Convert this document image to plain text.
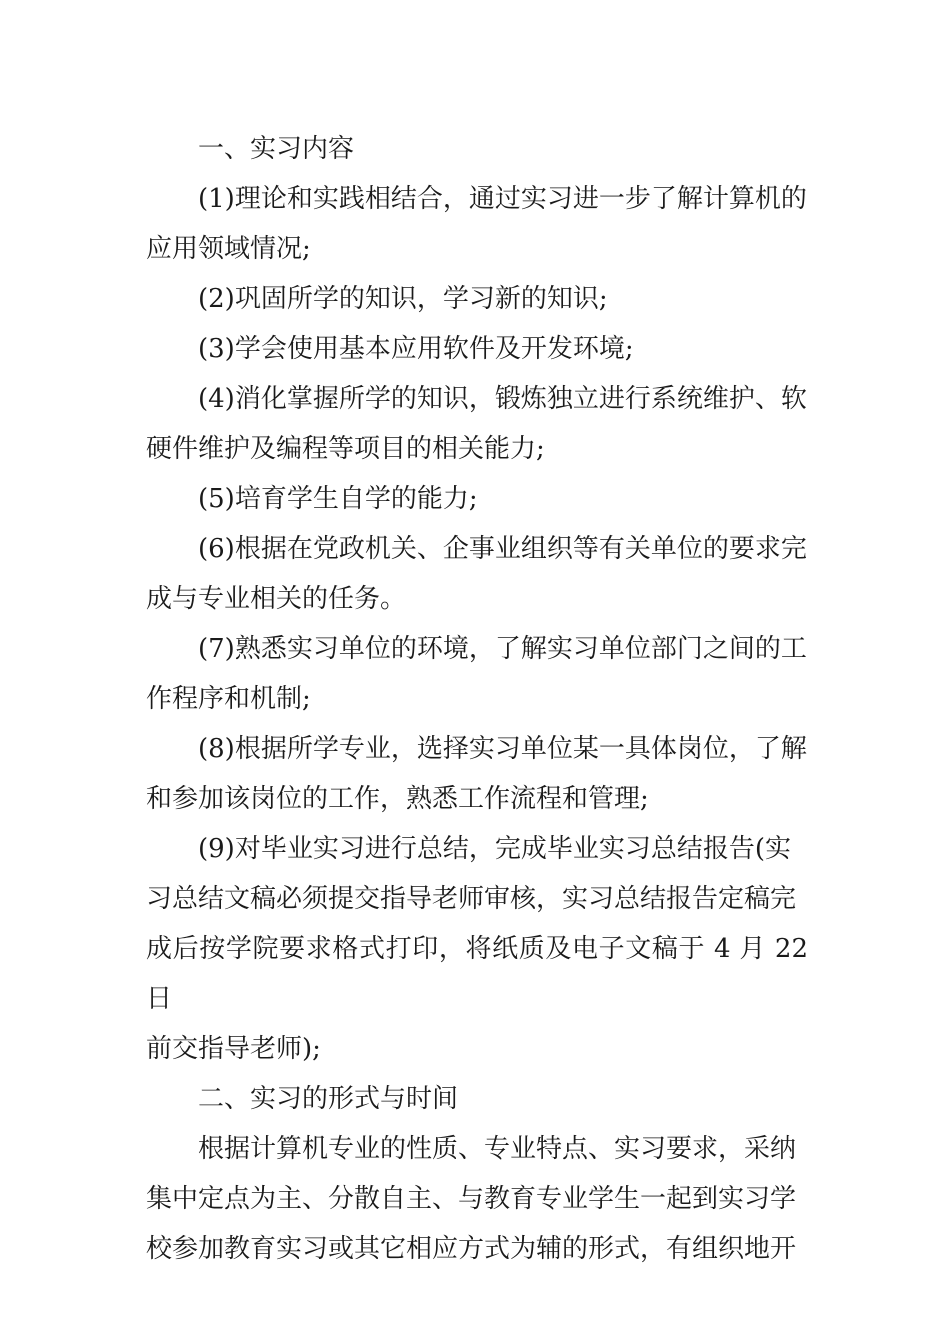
一、实习内容

(1)理论和实践相结合，通过实习进一步了解计算机的
应用领域情况;

(2)巩固所学的知识，学习新的知识;

(3)学会使用基本应用软件及开发环境;

(4)消化掌握所学的知识，锻炼独立进行系统维护、软
硬件维护及编程等项目的相关能力;

(5)培育学生自学的能力;

(6)根据在党政机关、企事业组织等有关单位的要求完
成与专业相关的任务。

(7)熟悉实习单位的环境，了解实习单位部门之间的工
作程序和机制;

(8)根据所学专业，选择实习单位某一具体岗位，了解
和参加该岗位的工作，熟悉工作流程和管理;

(9)对毕业实习进行总结，完成毕业实习总结报告(实
习总结文稿必须提交指导老师审核，实习总结报告定稿完
成后按学院要求格式打印，将纸质及电子文稿于 4 月 22 日
前交指导老师);

二、实习的形式与时间

根据计算机专业的性质、专业特点、实习要求，采纳
集中定点为主、分散自主、与教育专业学生一起到实习学
校参加教育实习或其它相应方式为辅的形式，有组织地开
